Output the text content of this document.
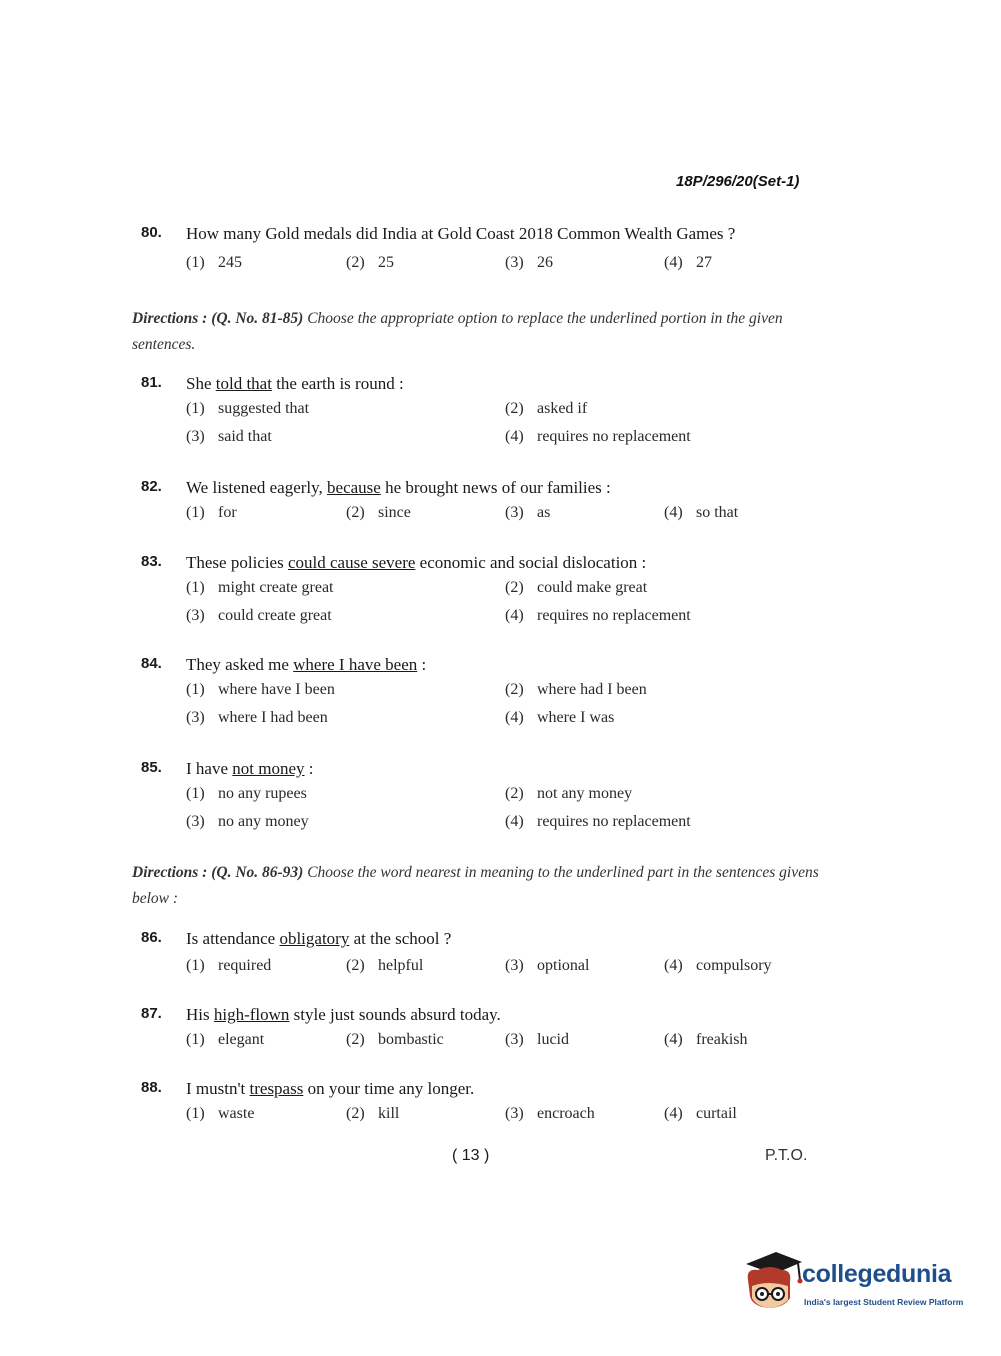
18P/296/20(Set-1)
80. How many Gold medals did India at Gold Coast 2018 Common Wealth Games ?
(1) 245	(2) 25	(3) 26	(4) 27
Directions : (Q. No. 81-85) Choose the appropriate option to replace the underlined portion in the given sentences.
81. She told that the earth is round :
(1) suggested that	(2) asked if
(3) said that	(4) requires no replacement
82. We listened eagerly, because he brought news of our families :
(1) for	(2) since	(3) as	(4) so that
83. These policies could cause severe economic and social dislocation :
(1) might create great	(2) could make great
(3) could create great	(4) requires no replacement
84. They asked me where I have been :
(1) where have I been	(2) where had I been
(3) where I had been	(4) where I was
85. I have not money :
(1) no any rupees	(2) not any money
(3) no any money	(4) requires no replacement
Directions : (Q. No. 86-93) Choose the word nearest in meaning to the underlined part in the sentences givens below :
86. Is attendance obligatory at the school ?
(1) required	(2) helpful	(3) optional	(4) compulsory
87. His high-flown style just sounds absurd today.
(1) elegant	(2) bombastic	(3) lucid	(4) freakish
88. I mustn't trespass on your time any longer.
(1) waste	(2) kill	(3) encroach	(4) curtail
( 13 )	P.T.O.
collegedunia
India's largest Student Review Platform
